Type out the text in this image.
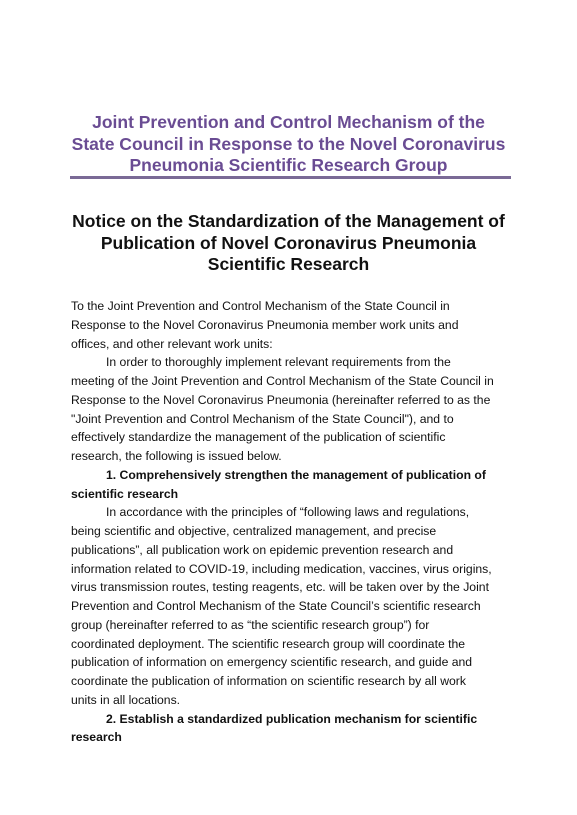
Joint Prevention and Control Mechanism of the
State Council in Response to the Novel Coronavirus
Pneumonia Scientific Research Group
Notice on the Standardization of the Management of
Publication of Novel Coronavirus Pneumonia
Scientific Research
To the Joint Prevention and Control Mechanism of the State Council in
Response to the Novel Coronavirus Pneumonia member work units and
offices, and other relevant work units:
In order to thoroughly implement relevant requirements from the
meeting of the Joint Prevention and Control Mechanism of the State Council in
Response to the Novel Coronavirus Pneumonia (hereinafter referred to as the
"Joint Prevention and Control Mechanism of the State Council"), and to
effectively standardize the management of the publication of scientific
research, the following is issued below.
1. Comprehensively strengthen the management of publication of
scientific research
In accordance with the principles of “following laws and regulations,
being scientific and objective, centralized management, and precise
publications”, all publication work on epidemic prevention research and
information related to COVID-19, including medication, vaccines, virus origins,
virus transmission routes, testing reagents, etc. will be taken over by the Joint
Prevention and Control Mechanism of the State Council’s scientific research
group (hereinafter referred to as “the scientific research group”) for
coordinated deployment. The scientific research group will coordinate the
publication of information on emergency scientific research, and guide and
coordinate the publication of information on scientific research by all work
units in all locations.
2. Establish a standardized publication mechanism for scientific
research
